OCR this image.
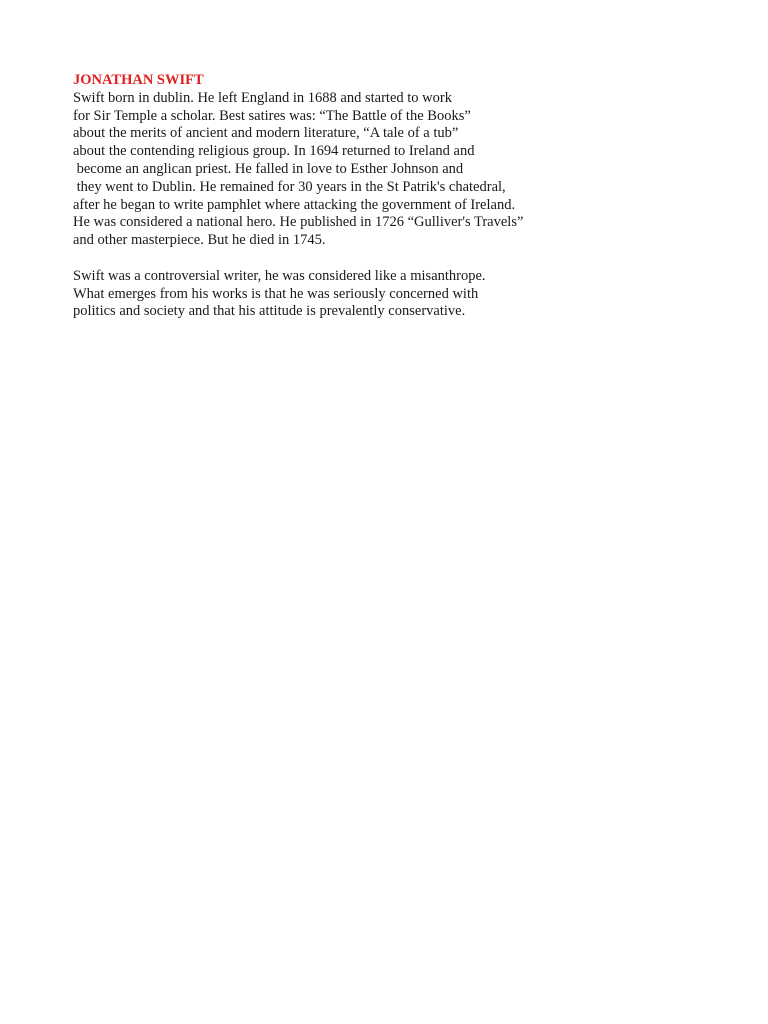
JONATHAN SWIFT

Swift born in dublin. He left England in 1688 and started to work
for Sir Temple a scholar. Best satires was: “The Battle of the Books”
about the merits of ancient and modern literature, “A tale of a tub”
about the contending religious group. In 1694 returned to Ireland and
become an anglican priest. He falled in love to Esther Johnson and
they went to Dublin. He remained for 30 years in the St Patrik's chatedral,
after he began to write pamphlet where attacking the government of Ireland.
He was considered a national hero. He published in 1726 “Gulliver's Travels”
and other masterpiece. But he died in 1745.

Swift was a controversial writer, he was considered like a misanthrope.
What emerges from his works is that he was seriously concerned with
politics and society and that his attitude is prevalently conservative.
